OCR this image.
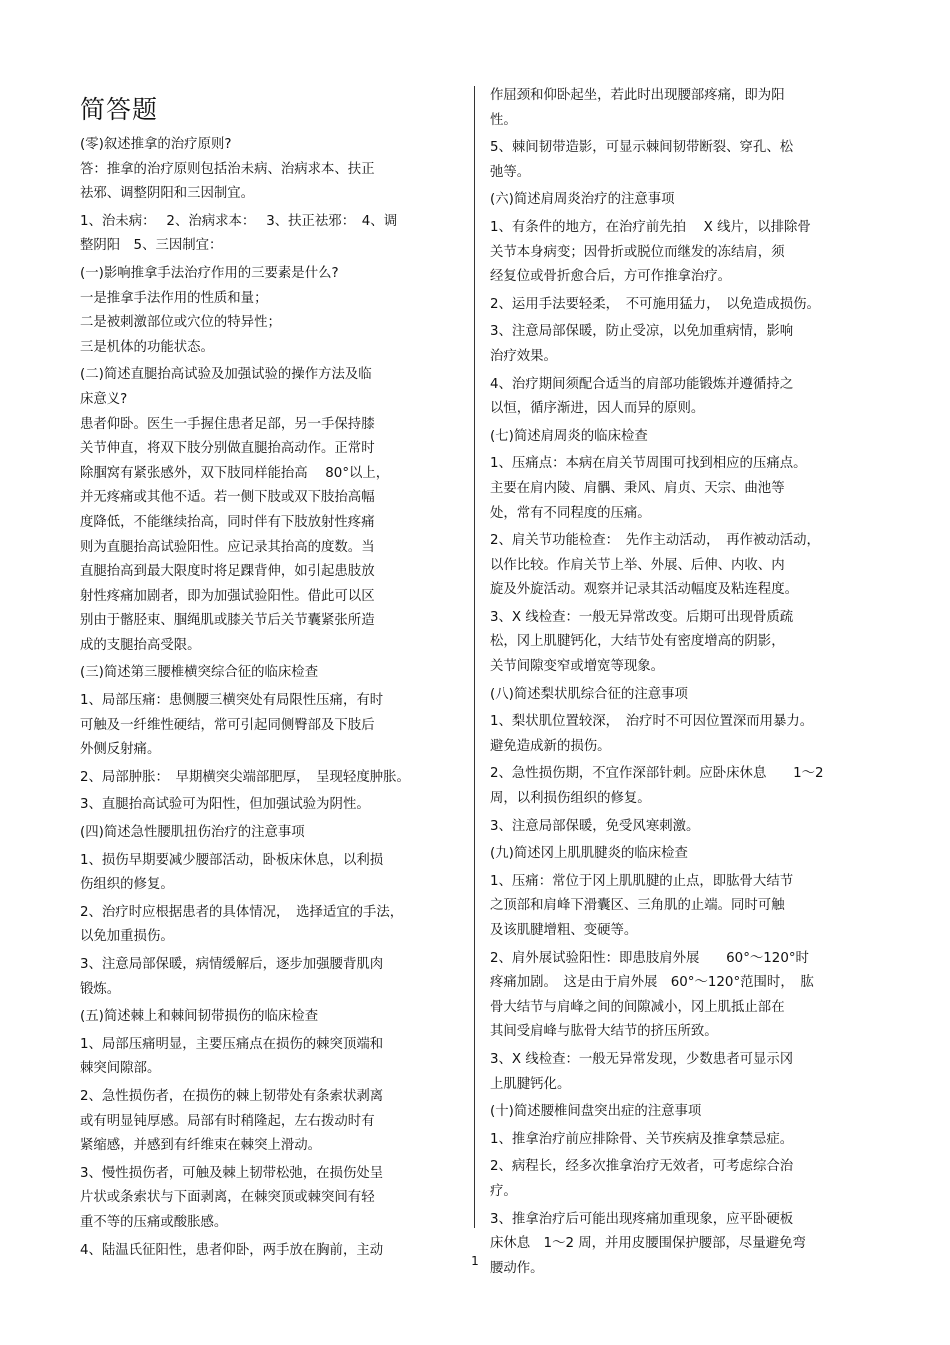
简答题

(零)叙述推拿的治疗原则?

答：推拿的治疗原则包括治未病、治病求本、扶正

祛邪、调整阴阳和三因制宜。

1、治未病：　 2、治病求本：　 3、扶正祛邪：　4、调

整阴阳　5、三因制宜：

(一)影响推拿手法治疗作用的三要素是什么?

一是推拿手法作用的性质和量；

二是被刺激部位或穴位的特异性；

三是机体的功能状态。

(二)简述直腿抬高试验及加强试验的操作方法及临

床意义?

患者仰卧。医生一手握住患者足部，另一手保持膝

关节伸直，将双下肢分别做直腿抬高动作。正常时

除腘窝有紧张感外，双下肢同样能抬高　 80°以上，

并无疼痛或其他不适。若一侧下肢或双下肢抬高幅

度降低，不能继续抬高，同时伴有下肢放射性疼痛

则为直腿抬高试验阳性。应记录其抬高的度数。当

直腿抬高到最大限度时将足踝背伸，如引起患肢放

射性疼痛加剧者，即为加强试验阳性。借此可以区

别由于髂胫束、腘绳肌或膝关节后关节囊紧张所造

成的支腿抬高受限。

(三)简述第三腰椎横突综合征的临床检查

1、局部压痛：患侧腰三横突处有局限性压痛，有时

可触及一纤维性硬结，常可引起同侧臀部及下肢后

外侧反射痛。

2、局部肿胀：　早期横突尖端部肥厚，　呈现轻度肿胀。

3、直腿抬高试验可为阳性，但加强试验为阴性。

(四)简述急性腰肌扭伤治疗的注意事项

1、损伤早期要减少腰部活动，卧板床休息，以利损

伤组织的修复。

2、治疗时应根据患者的具体情况，　选择适宜的手法，

以免加重损伤。

3、注意局部保暖，病情缓解后，逐步加强腰背肌肉

锻炼。

(五)简述棘上和棘间韧带损伤的临床检查

1、局部压痛明显，主要压痛点在损伤的棘突顶端和

棘突间隙部。

2、急性损伤者，在损伤的棘上韧带处有条索状剥离

或有明显钝厚感。局部有时稍隆起，左右拨动时有

紧缩感，并感到有纤维束在棘突上滑动。

3、慢性损伤者，可触及棘上韧带松弛，在损伤处呈

片状或条索状与下面剥离，在棘突顶或棘突间有轻

重不等的压痛或酸胀感。

4、陆温氏征阳性，患者仰卧，两手放在胸前，主动

作屈颈和仰卧起坐，若此时出现腰部疼痛，即为阳

性。

5、棘间韧带造影，可显示棘间韧带断裂、穿孔、松

弛等。

(六)简述肩周炎治疗的注意事项

1、有条件的地方，在治疗前先拍　 X 线片，以排除骨

关节本身病变；因骨折或脱位而继发的冻结肩，须

经复位或骨折愈合后，方可作推拿治疗。

2、运用手法要轻柔，　不可施用猛力，　以免造成损伤。

3、注意局部保暖，防止受凉，以免加重病情，影响

治疗效果。

4、治疗期间须配合适当的肩部功能锻炼并遵循持之

以恒，循序渐进，因人而异的原则。

(七)简述肩周炎的临床检查

1、压痛点：本病在肩关节周围可找到相应的压痛点。

主要在肩内陵、肩髃、秉风、肩贞、天宗、曲池等

处，常有不同程度的压痛。

2、肩关节功能检查：　先作主动活动，　再作被动活动，

以作比较。作肩关节上举、外展、后伸、内收、内

旋及外旋活动。观察并记录其活动幅度及粘连程度。

3、X 线检查：一般无异常改变。后期可出现骨质疏

松，冈上肌腱钙化，大结节处有密度增高的阴影，

关节间隙变窄或增宽等现象。

(八)简述梨状肌综合征的注意事项

1、梨状肌位置较深，　治疗时不可因位置深而用暴力。

避免造成新的损伤。

2、急性损伤期，不宜作深部针刺。应卧床休息　　1～2

周，以利损伤组织的修复。

3、注意局部保暖，免受风寒刺激。

(九)简述冈上肌肌腱炎的临床检查

1、压痛：常位于冈上肌肌腱的止点，即肱骨大结节

之顶部和肩峰下滑囊区、三角肌的止端。同时可触

及该肌腱增粗、变硬等。

2、肩外展试验阳性：即患肢肩外展　　60°～120°时

疼痛加剧。　这是由于肩外展　60°～120°范围时，　肱

骨大结节与肩峰之间的间隙减小，冈上肌抵止部在

其间受肩峰与肱骨大结节的挤压所致。

3、X 线检查：一般无异常发现，少数患者可显示冈

上肌腱钙化。

(十)简述腰椎间盘突出症的注意事项

1、推拿治疗前应排除骨、关节疾病及推拿禁忌症。

2、病程长，经多次推拿治疗无效者，可考虑综合治

疗。

3、推拿治疗后可能出现疼痛加重现象，应平卧硬板

床休息　1～2 周，并用皮腰围保护腰部，尽量避免弯

腰动作。

1
